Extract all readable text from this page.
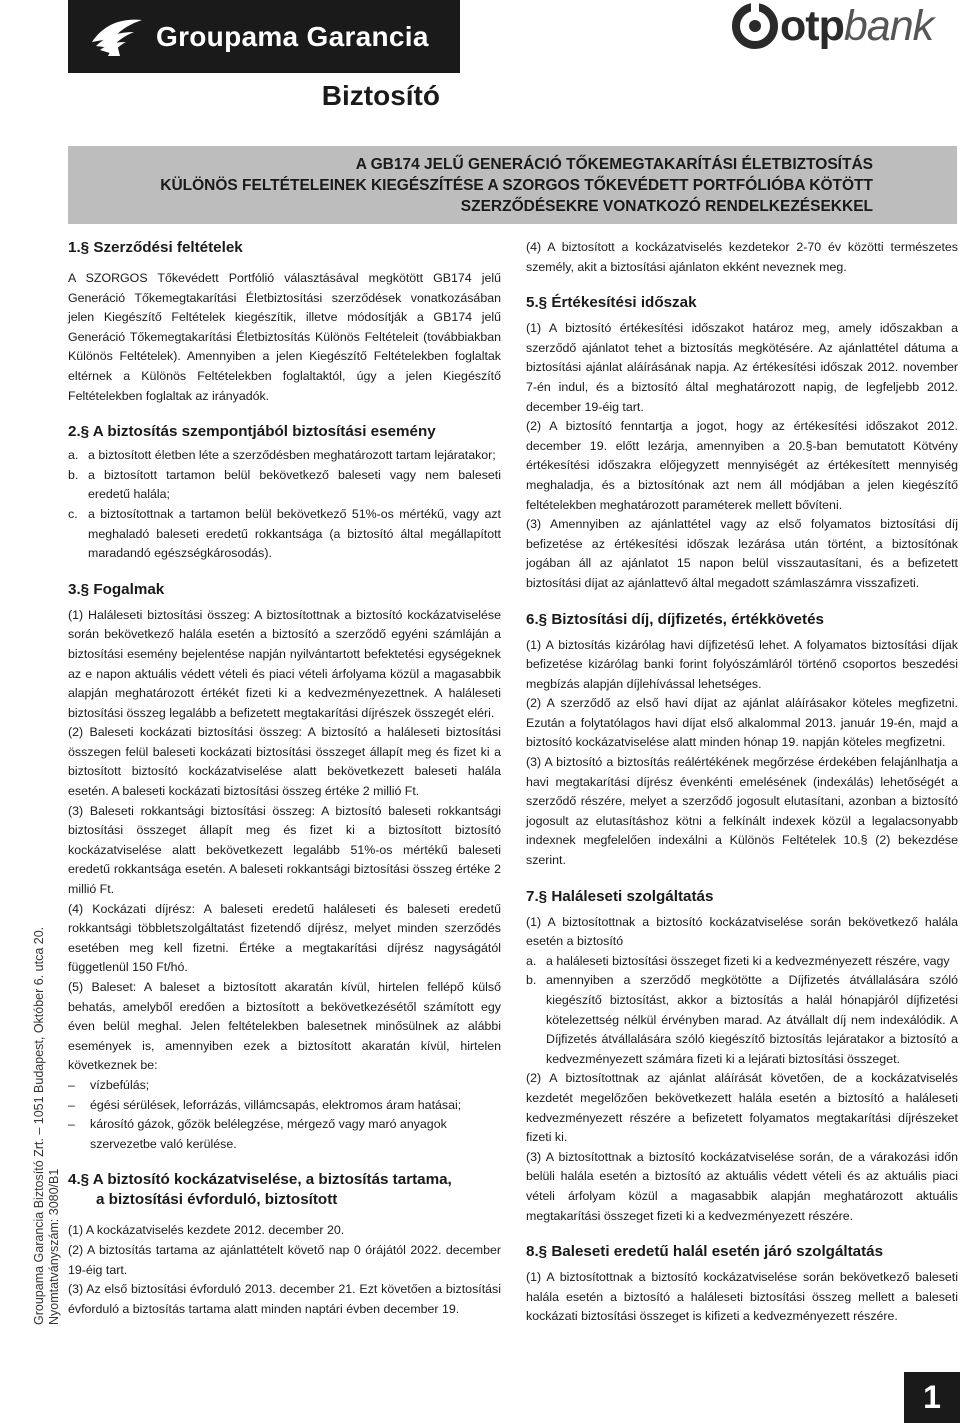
Groupama Garancia	otpbank
Biztosító
A GB174 JELŰ GENERÁCIÓ TŐKEMEGTAKARÍTÁSI ÉLETBIZTOSÍTÁS
KÜLÖNÖS FELTÉTELEINEK KIEGÉSZÍTÉSE A SZORGOS TŐKEVÉDETT PORTFÓLIÓBA KÖTÖTT
SZERZŐDÉSEKRE VONATKOZÓ RENDELKEZÉSEKKEL
Groupama Garancia Biztosító Zrt. – 1051 Budapest, Október 6. utca 20. Nyomtatványszám: 3080/B1
1.§ Szerződési feltételek

A SZORGOS Tőkevédett Portfólió választásával megkötött GB174 jelű Generáció Tőkemegtakarítási Életbiztosítási szerződések vonatkozásában jelen Kiegészítő Feltételek kiegészítik, illetve módosítják a GB174 jelű Generáció Tőkemegtakarítási Életbiztosítás Különös Feltételeit (továbbiakban Különös Feltételek). Amennyiben a jelen Kiegészítő Feltételekben foglaltak eltérnek a Különös Feltételekben foglaltaktól, úgy a jelen Kiegészítő Feltételekben foglaltak az irányadók.

2.§ A biztosítás szempontjából biztosítási esemény
a. a biztosított életben léte a szerződésben meghatározott tartam lejáratakor;
b. a biztosított tartamon belül bekövetkező baleseti vagy nem baleseti eredetű halála;
c. a biztosítottnak a tartamon belül bekövetkező 51%-os mértékű, vagy azt meghaladó baleseti eredetű rokkantsága (a biztosító által megállapított maradandó egészségkárosodás).
3.§ Fogalmak

(1) Haláleseti biztosítási összeg: A biztosítottnak a biztosító kockázatviselése során bekövetkező halála esetén a biztosító a szerződő egyéni számláján a biztosítási esemény bejelentése napján nyilvántartott befektetési egységeknek az e napon aktuális védett vételi és piaci vételi árfolyama közül a magasabbik alapján meghatározott értékét fizeti ki a kedvezményezettnek. A haláleseti biztosítási összeg legalább a befizetett megtakarítási díjrészek összegét eléri.

(2) Baleseti kockázati biztosítási összeg: A biztosító a haláleseti biztosítási összegen felül baleseti kockázati biztosítási összeget állapít meg és fizet ki a biztosított biztosító kockázatviselése alatt bekövetkezett baleseti halála esetén. A baleseti kockázati biztosítási összeg értéke 2 millió Ft.

(3) Baleseti rokkantsági biztosítási összeg: A biztosító baleseti rokkantsági biztosítási összeget állapít meg és fizet ki a biztosított biztosító kockázatviselése alatt bekövetkezett legalább 51%-os mértékű baleseti eredetű rokkantsága esetén. A baleseti rokkantsági biztosítási összeg értéke 2 millió Ft.

(4) Kockázati díjrész: A baleseti eredetű haláleseti és baleseti eredetű rokkantsági többletszolgáltatást fizetendő díjrész, melyet minden szerződés esetében meg kell fizetni. Értéke a megtakarítási díjrész nagyságától függetlenül 150 Ft/hó.

(5) Baleset: A baleset a biztosított akaratán kívül, hirtelen fellépő külső behatás, amelyből eredően a biztosított a bekövetkezésétől számított egy éven belül meghal. Jelen feltételekben balesetnek minősülnek az alábbi események is, amennyiben ezek a biztosított akaratán kívül, hirtelen következnek be:

–	vízbefúlás;
–	égési sérülések, leforrázás, villámcsapás, elektromos áram hatásai;
–	károsító gázok, gőzök belélegzése, mérgező vagy maró anyagok szervezetbe való kerülése.
4.§ A biztosító kockázatviselése, a biztosítás tartama,
a biztosítási évforduló, biztosított

(1) A kockázatviselés kezdete 2012. december 20.

(2) A biztosítás tartama az ajánlattételt követő nap 0 órájától 2022. december 19-éig tart.

(3) Az első biztosítási évforduló 2013. december 21. Ezt követően a biztosítási évforduló a biztosítás tartama alatt minden naptári évben december 19.

(4) A biztosított a kockázatviselés kezdetekor 2-70 év közötti természetes személy, akit a biztosítási ajánlaton ekként neveznek meg.

5.§ Értékesítési időszak

(1) A biztosító értékesítési időszakot határoz meg, amely időszakban a szerződő ajánlatot tehet a biztosítás megkötésére. Az ajánlattétel dátuma a biztosítási ajánlat aláírásának napja. Az értékesítési időszak 2012. november 7-én indul, és a biztosító által meghatározott napig, de legfeljebb 2012. december 19-éig tart.

(2) A biztosító fenntartja a jogot, hogy az értékesítési időszakot 2012. december 19. előtt lezárja, amennyiben a 20.§-ban bemutatott Kötvény értékesítési időszakra előjegyzett mennyiségét az értékesített mennyiség meghaladja, és a biztosítónak azt nem áll módjában a jelen kiegészítő feltételekben meghatározott paraméterek mellett bővíteni.

(3) Amennyiben az ajánlattétel vagy az első folyamatos biztosítási díj befizetése az értékesítési időszak lezárása után történt, a biztosítónak jogában áll az ajánlatot 15 napon belül visszautasítani, és a befizetett biztosítási díjat az ajánlattevő által megadott számlaszámra visszafizeti.

6.§ Biztosítási díj, díjfizetés, értékkövetés

(1) A biztosítás kizárólag havi díjfizetésű lehet. A folyamatos biztosítási díjak befizetése kizárólag banki forint folyószámláról történő csoportos beszedési megbízás alapján díjlehívással lehetséges.

(2) A szerződő az első havi díjat az ajánlat aláírásakor köteles megfizetni. Ezután a folytatólagos havi díjat első alkalommal 2013. január 19-én, majd a biztosító kockázatviselése alatt minden hónap 19. napján köteles megfizetni.

(3) A biztosító a biztosítás reálértékének megőrzése érdekében felajánlhatja a havi megtakarítási díjrész évenkénti emelésének (indexálás) lehetőségét a szerződő részére, melyet a szerződő jogosult elutasítani, azonban a biztosító jogosult az elutasításhoz kötni a felkínált indexek közül a legalacsonyabb indexnek megfelelően indexálni a Különös Feltételek 10.§ (2) bekezdése szerint.

7.§ Haláleseti szolgáltatás

(1) A biztosítottnak a biztosító kockázatviselése során bekövetkező halála esetén a biztosító

a. a haláleseti biztosítási összeget fizeti ki a kedvezményezett részére, vagy
b. amennyiben a szerződő megkötötte a Díjfizetés átvállalására szóló kiegészítő biztosítást, akkor a biztosítás a halál hónapjáról díjfizetési kötelezettség nélkül érvényben marad. Az átvállalt díj nem indexálódik. A Díjfizetés átvállalására szóló kiegészítő biztosítás lejáratakor a biztosító a kedvezményezett számára fizeti ki a lejárati biztosítási összeget.

(2) A biztosítottnak az ajánlat aláírását követően, de a kockázatviselés kezdetét megelőzően bekövetkezett halála esetén a biztosító a haláleseti kedvezményezett részére a befizetett folyamatos megtakarítási díjrészeket fizeti ki.

(3) A biztosítottnak a biztosító kockázatviselése során, de a várakozási időn belüli halála esetén a biztosító az aktuális védett vételi és az aktuális piaci vételi árfolyam közül a magasabbik alapján meghatározott aktuális megtakarítási összeget fizeti ki a kedvezményezett részére.

8.§ Baleseti eredetű halál esetén járó szolgáltatás

(1) A biztosítottnak a biztosító kockázatviselése során bekövetkező baleseti halála esetén a biztosító a haláleseti biztosítási összeg mellett a baleseti kockázati biztosítási összeget is kifizeti a kedvezményezett részére.

1
